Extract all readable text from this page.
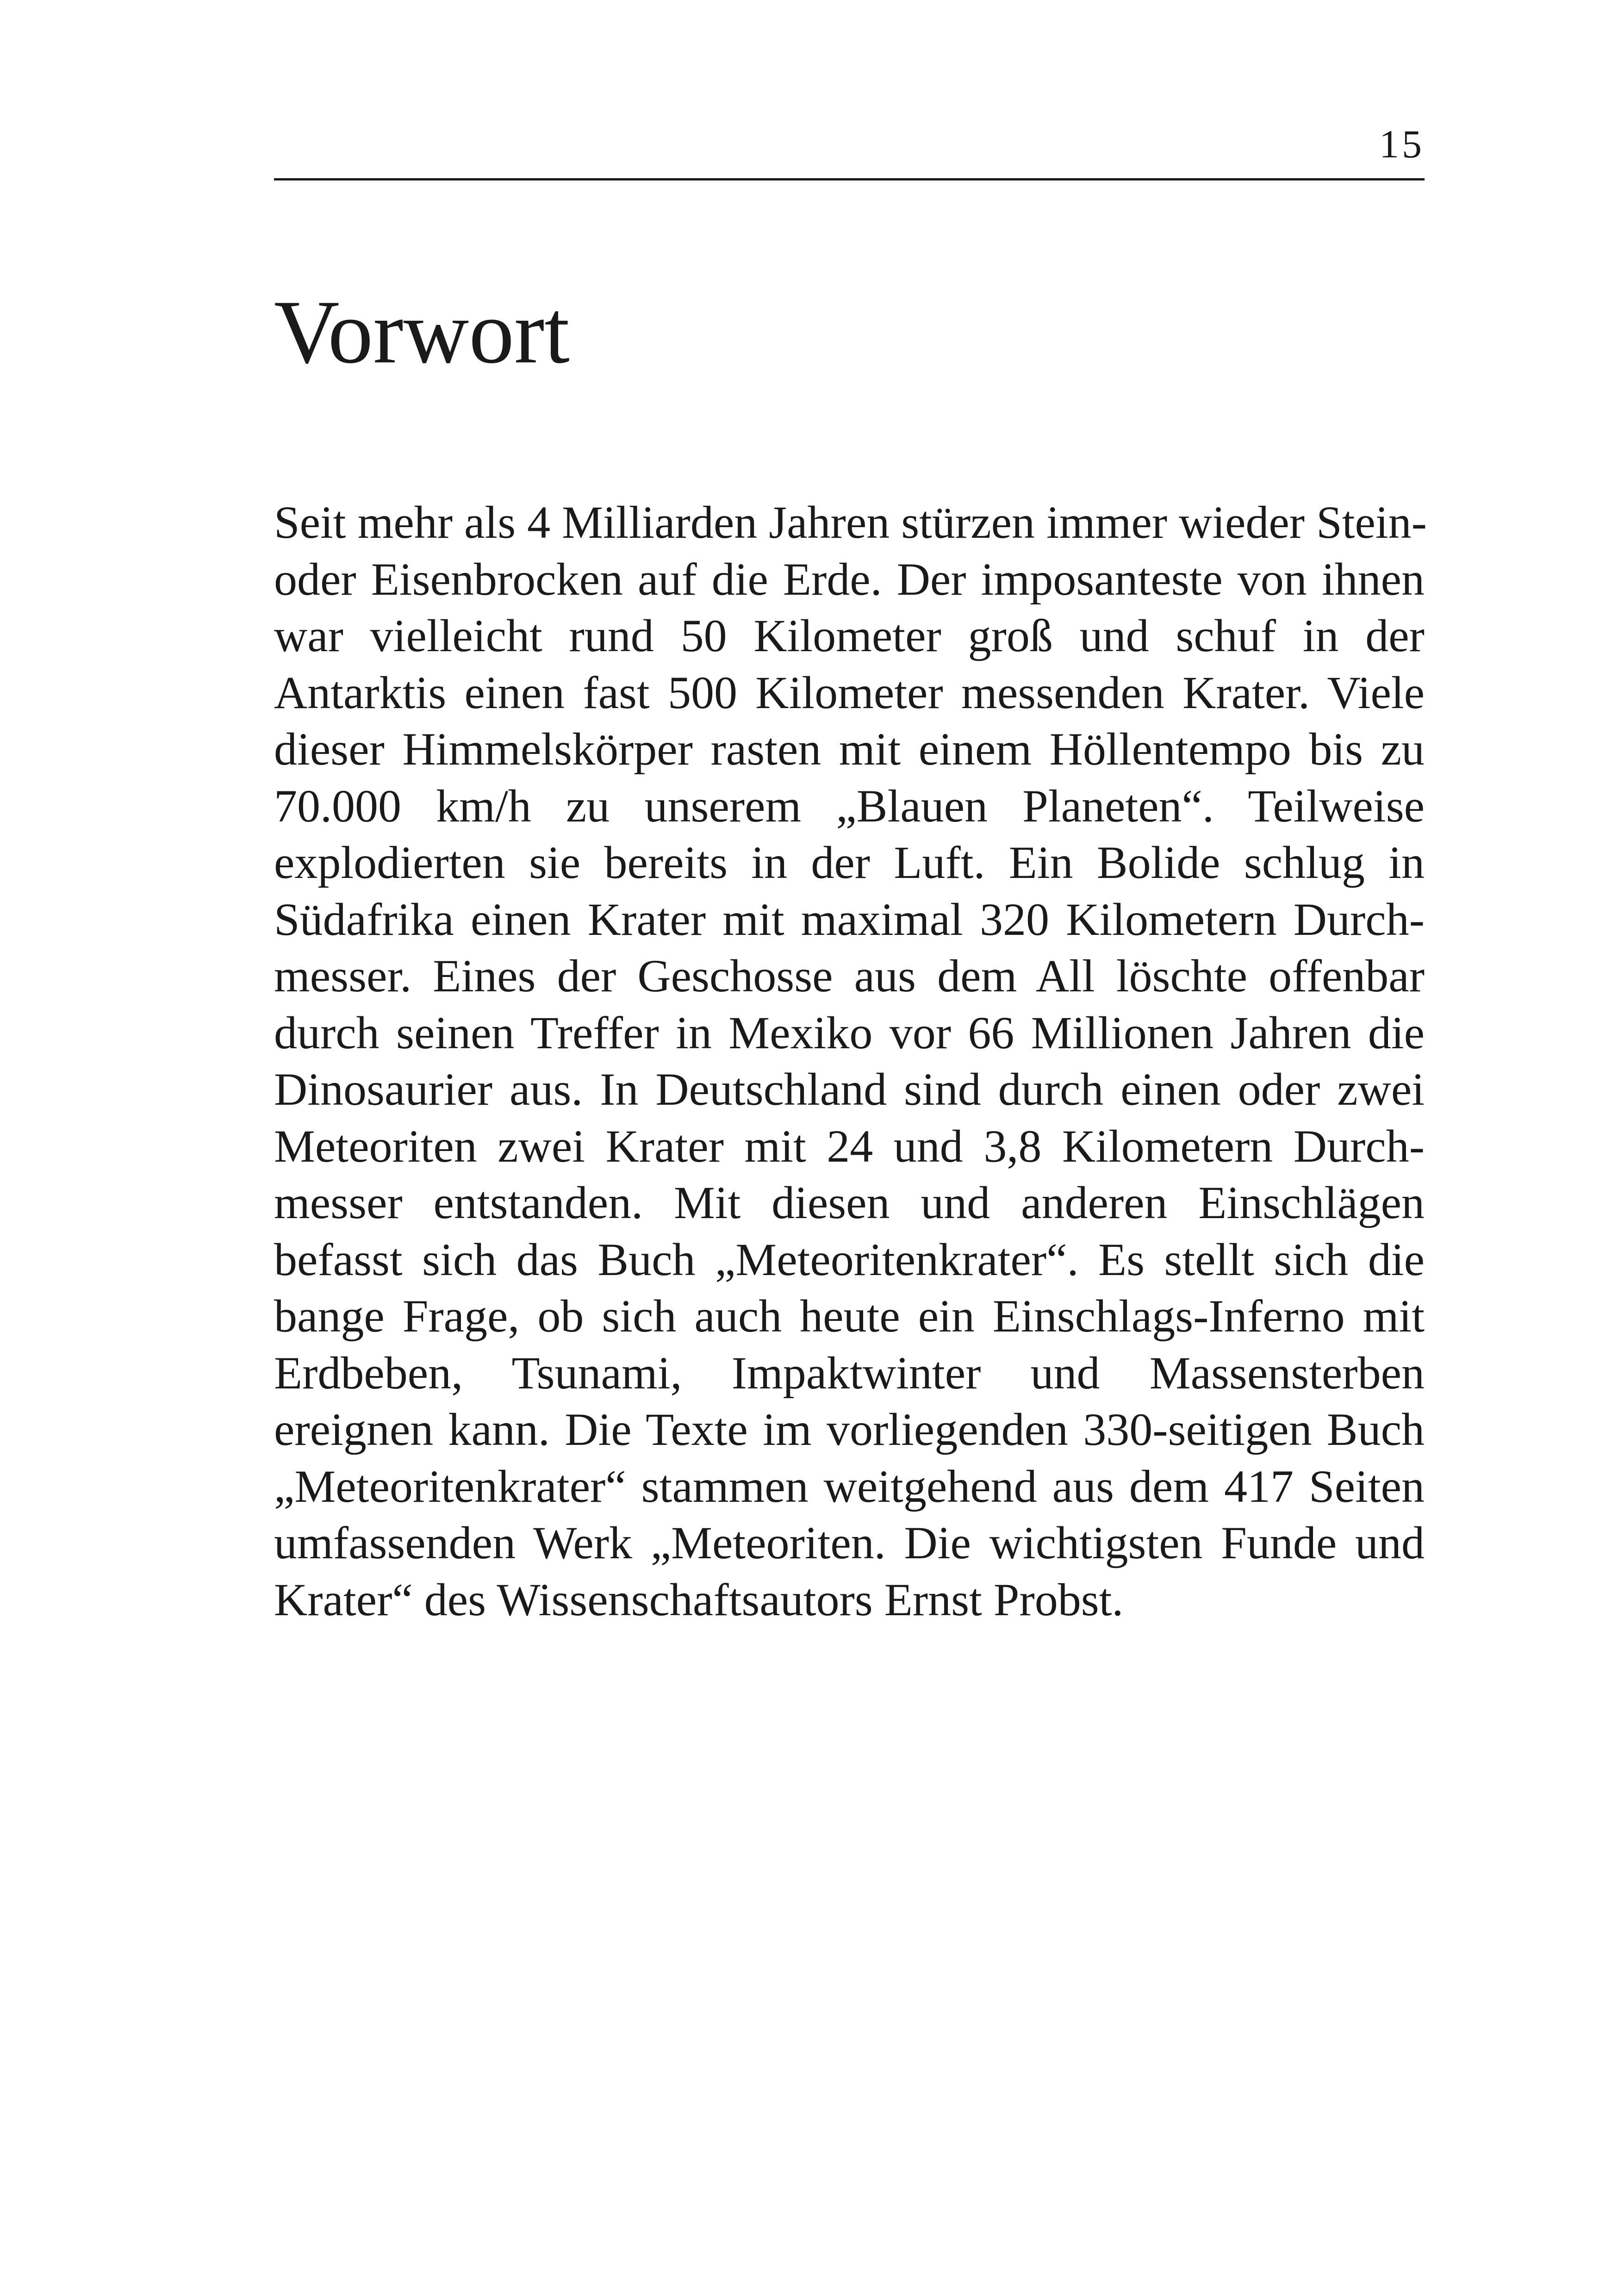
15
Vorwort
Seit mehr als 4 Milliarden Jahren stürzen immer wieder Stein-
oder Eisenbrocken auf die Erde. Der imposanteste von ihnen
war vielleicht rund 50 Kilometer groß und schuf in der
Antarktis einen fast 500 Kilometer messenden Krater. Viele
dieser Himmelskörper rasten mit einem Höllentempo bis zu
70.000 km/h zu unserem „Blauen Planeten“. Teilweise
explodierten sie bereits in der Luft. Ein Bolide schlug in
Südafrika einen Krater mit maximal 320 Kilometern Durch-
messer. Eines der Geschosse aus dem All löschte offenbar
durch seinen Treffer in Mexiko vor 66 Millionen Jahren die
Dinosaurier aus. In Deutschland sind durch einen oder zwei
Meteoriten zwei Krater mit 24 und 3,8 Kilometern Durch-
messer entstanden. Mit diesen und anderen Einschlägen
befasst sich das Buch „Meteoritenkrater“. Es stellt sich die
bange Frage, ob sich auch heute ein Einschlags-Inferno mit
Erdbeben, Tsunami, Impaktwinter und Massensterben
ereignen kann. Die Texte im vorliegenden 330-seitigen Buch
„Meteoritenkrater“ stammen weitgehend aus dem 417 Seiten
umfassenden Werk „Meteoriten. Die wichtigsten Funde und
Krater“ des Wissenschaftsautors Ernst Probst.
